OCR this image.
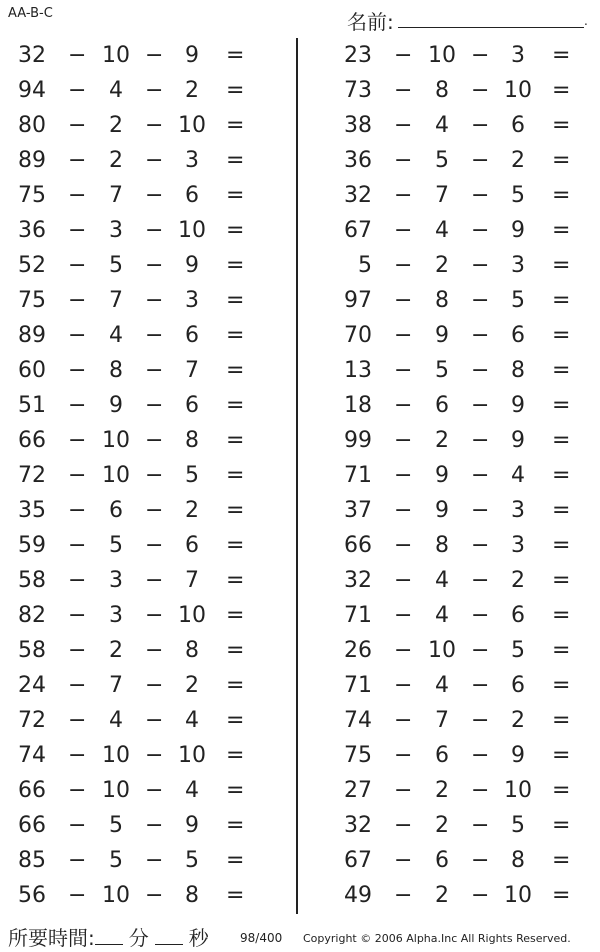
AA-B-C	名前:	.
32 − 10 − 9	=
94 −	4	− 2	=
80 −	2	− 10 =
89 −	2	− 3	=
75 −	7	− 6	=
36 −	3	− 10 =
52 −	5	− 9	=
75 −	7	− 3	=
89 −	4	− 6	=
60 −	8	− 7	=
51 −	9	− 6	=
66 − 10 − 8	=
72 − 10 − 5	=
35 −	6	− 2	=
59 −	5	− 6	=
58 −	3	− 7	=
82 −	3	− 10 =
58 −	2	− 8	=
24 −	7	− 2	=
72 −	4	− 4	=
74 − 10 − 10 =
66 − 10 − 4	=
66 −	5	− 9	=
85 −	5	− 5	=
56 − 10 − 8	=
23 − 10 − 3	=
73 −	8	− 10 =
38 −	4	− 6	=
36 −	5	− 2	=
32 −	7	− 5	=
67 −	4	− 9	=
5 −	2	− 3	=
97 −	8	− 5	=
70 −	9	− 6	=
13 −	5	− 8	=
18 −	6	− 9	=
99 −	2	− 9	=
71 −	9	− 4	=
37 −	9	− 3	=
66 −	8	− 3	=
32 −	4	− 2	=
71 −	4	− 6	=
26 − 10 − 5	=
71 −	4	− 6	=
74 −	7	− 2	=
75 −	6	− 9	=
27 −	2	− 10 =
32 −	2	− 5	=
67 −	6	− 8	=
49 −	2	− 10 =
所要時間: 分 秒	98/400 Copyright © 2006 Alpha.Inc All Rights Reserved.
